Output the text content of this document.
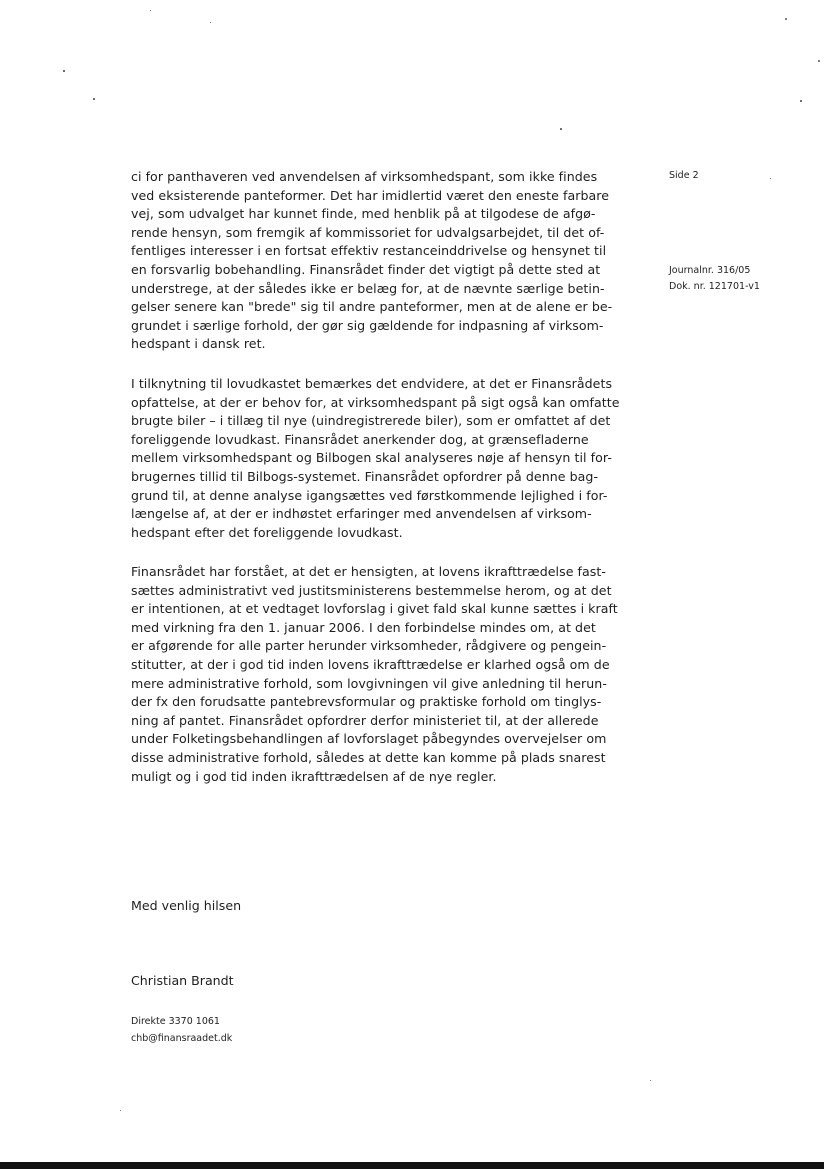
Side 2
Journalnr. 316/05
Dok. nr. 121701-v1
ci for panthaveren ved anvendelsen af virksomhedspant, som ikke findes
ved eksisterende panteformer. Det har imidlertid været den eneste farbare
vej, som udvalget har kunnet finde, med henblik på at tilgodese de afgø-
rende hensyn, som fremgik af kommissoriet for udvalgsarbejdet, til det of-
fentliges interesser i en fortsat effektiv restanceinddrivelse og hensynet til
en forsvarlig bobehandling. Finansrådet finder det vigtigt på dette sted at
understrege, at der således ikke er belæg for, at de nævnte særlige betin-
gelser senere kan "brede" sig til andre panteformer, men at de alene er be-
grundet i særlige forhold, der gør sig gældende for indpasning af virksom-
hedspant i dansk ret.
I tilknytning til lovudkastet bemærkes det endvidere, at det er Finansrådets
opfattelse, at der er behov for, at virksomhedspant på sigt også kan omfatte
brugte biler – i tillæg til nye (uindregistrerede biler), som er omfattet af det
foreliggende lovudkast. Finansrådet anerkender dog, at grænsefladerne
mellem virksomhedspant og Bilbogen skal analyseres nøje af hensyn til for-
brugernes tillid til Bilbogs-systemet. Finansrådet opfordrer på denne bag-
grund til, at denne analyse igangsættes ved førstkommende lejlighed i for-
længelse af, at der er indhøstet erfaringer med anvendelsen af virksom-
hedspant efter det foreliggende lovudkast.
Finansrådet har forstået, at det er hensigten, at lovens ikrafttrædelse fast-
sættes administrativt ved justitsministerens bestemmelse herom, og at det
er intentionen, at et vedtaget lovforslag i givet fald skal kunne sættes i kraft
med virkning fra den 1. januar 2006. I den forbindelse mindes om, at det
er afgørende for alle parter herunder virksomheder, rådgivere og pengein-
stitutter, at der i god tid inden lovens ikrafttrædelse er klarhed også om de
mere administrative forhold, som lovgivningen vil give anledning til herun-
der fx den forudsatte pantebrevsformular og praktiske forhold om tinglys-
ning af pantet. Finansrådet opfordrer derfor ministeriet til, at der allerede
under Folketingsbehandlingen af lovforslaget påbegyndes overvejelser om
disse administrative forhold, således at dette kan komme på plads snarest
muligt og i god tid inden ikrafttrædelsen af de nye regler.
Med venlig hilsen
Christian Brandt
Direkte 3370 1061
chb@finansraadet.dk
